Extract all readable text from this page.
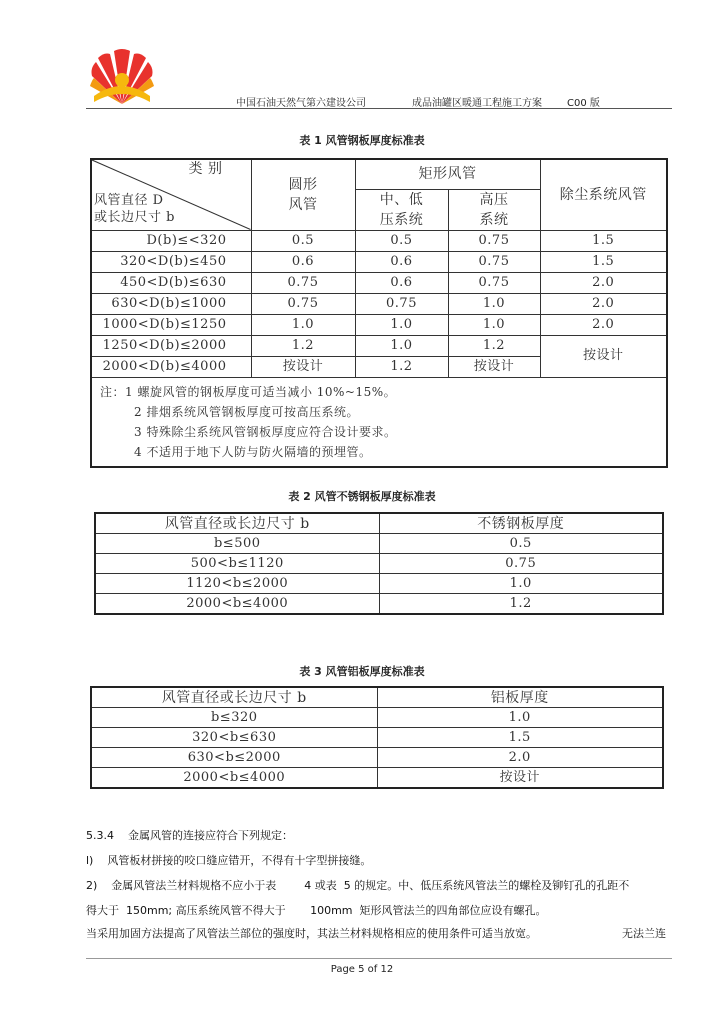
中国石油天然气第六建设公司	成品油罐区暖通工程施工方案	C00 版
表 1 风管钢板厚度标准表
类 别
风管直径 D
或长边尺寸 b	圆形风管	矩形风管		除尘系统风管
		中、低压系统	高压系统	
D(b)≤<320	0.5	0.5	0.75	1.5
320<D(b)≤450	0.6	0.6	0.75	1.5
450<D(b)≤630	0.75	0.6	0.75	2.0
630<D(b)≤1000	0.75	0.75	1.0	2.0
1000<D(b)≤1250	1.0	1.0	1.0	2.0
1250<D(b)≤2000	1.2	1.0	1.2	按设计
2000<D(b)≤4000	按设计	1.2	按设计	

注：1 螺旋风管的钢板厚度可适当减小 10%~15%。
2 排烟系统风管钢板厚度可按高压系统。
3 特殊除尘系统风管钢板厚度应符合设计要求。
4 不适用于地下人防与防火隔墙的预埋管。				
表 2 风管不锈钢板厚度标准表
风管直径或长边尺寸 b	不锈钢板厚度
b≤500	0.5
500<b≤1120	0.75
1120<b≤2000	1.0
2000<b≤4000	1.2
表 3 风管铝板厚度标准表
风管直径或长边尺寸 b	铝板厚度
b≤320	1.0
320<b≤630	1.5
630<b≤2000	2.0
2000<b≤4000	按设计
5.3.4    金属风管的连接应符合下列规定：
l)    风管板材拼接的咬口缝应错开，不得有十字型拼接缝。
2)    金属风管法兰材料规格不应小于表        4 或表  5 的规定。中、低压系统风管法兰的螺栓及铆钉孔的孔距不
得大于  150mm; 高压系统风管不得大于       100mm  矩形风管法兰的四角部位应设有螺孔。
当采用加固方法提高了风管法兰部位的强度时，其法兰材料规格相应的使用条件可适当放宽。	无法兰连
Page 5 of 12
